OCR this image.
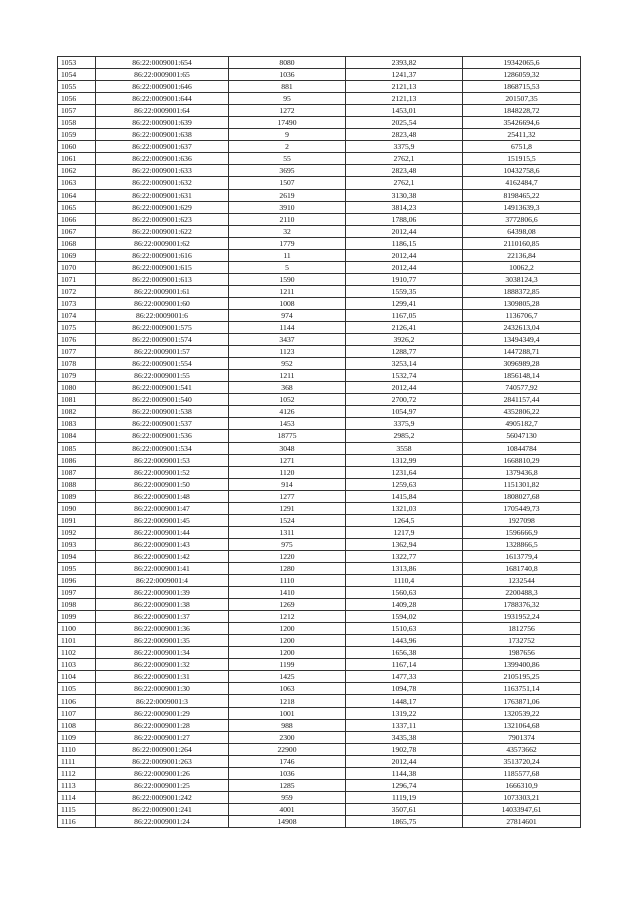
1053	86:22:0009001:654	8080	2393,82	19342065,6
1054	86:22:0009001:65	1036	1241,37	1286059,32
1055	86:22:0009001:646	881	2121,13	1868715,53
1056	86:22:0009001:644	95	2121,13	201507,35
1057	86:22:0009001:64	1272	1453,01	1848228,72
1058	86:22:0009001:639	17490	2025,54	35426694,6
1059	86:22:0009001:638	9	2823,48	25411,32
1060	86:22:0009001:637	2	3375,9	6751,8
1061	86:22:0009001:636	55	2762,1	151915,5
1062	86:22:0009001:633	3695	2823,48	10432758,6
1063	86:22:0009001:632	1507	2762,1	4162484,7
1064	86:22:0009001:631	2619	3130,38	8198465,22
1065	86:22:0009001:629	3910	3814,23	14913639,3
1066	86:22:0009001:623	2110	1788,06	3772806,6
1067	86:22:0009001:622	32	2012,44	64398,08
1068	86:22:0009001:62	1779	1186,15	2110160,85
1069	86:22:0009001:616	11	2012,44	22136,84
1070	86:22:0009001:615	5	2012,44	10062,2
1071	86:22:0009001:613	1590	1910,77	3038124,3
1072	86:22:0009001:61	1211	1559,35	1888372,85
1073	86:22:0009001:60	1008	1299,41	1309805,28
1074	86:22:0009001:6	974	1167,05	1136706,7
1075	86:22:0009001:575	1144	2126,41	2432613,04
1076	86:22:0009001:574	3437	3926,2	13494349,4
1077	86:22:0009001:57	1123	1288,77	1447288,71
1078	86:22:0009001:554	952	3253,14	3096989,28
1079	86:22:0009001:55	1211	1532,74	1856148,14
1080	86:22:0009001:541	368	2012,44	740577,92
1081	86:22:0009001:540	1052	2700,72	2841157,44
1082	86:22:0009001:538	4126	1054,97	4352806,22
1083	86:22:0009001:537	1453	3375,9	4905182,7
1084	86:22:0009001:536	18775	2985,2	56047130
1085	86:22:0009001:534	3048	3558	10844784
1086	86:22:0009001:53	1271	1312,99	1668810,29
1087	86:22:0009001:52	1120	1231,64	1379436,8
1088	86:22:0009001:50	914	1259,63	1151301,82
1089	86:22:0009001:48	1277	1415,84	1808027,68
1090	86:22:0009001:47	1291	1321,03	1705449,73
1091	86:22:0009001:45	1524	1264,5	1927098
1092	86:22:0009001:44	1311	1217,9	1596666,9
1093	86:22:0009001:43	975	1362,94	1328866,5
1094	86:22:0009001:42	1220	1322,77	1613779,4
1095	86:22:0009001:41	1280	1313,86	1681740,8
1096	86:22:0009001:4	1110	1110,4	1232544
1097	86:22:0009001:39	1410	1560,63	2200488,3
1098	86:22:0009001:38	1269	1409,28	1788376,32
1099	86:22:0009001:37	1212	1594,02	1931952,24
1100	86:22:0009001:36	1200	1510,63	1812756
1101	86:22:0009001:35	1200	1443,96	1732752
1102	86:22:0009001:34	1200	1656,38	1987656
1103	86:22:0009001:32	1199	1167,14	1399400,86
1104	86:22:0009001:31	1425	1477,33	2105195,25
1105	86:22:0009001:30	1063	1094,78	1163751,14
1106	86:22:0009001:3	1218	1448,17	1763871,06
1107	86:22:0009001:29	1001	1319,22	1320539,22
1108	86:22:0009001:28	988	1337,11	1321064,68
1109	86:22:0009001:27	2300	3435,38	7901374
1110	86:22:0009001:264	22900	1902,78	43573662
1111	86:22:0009001:263	1746	2012,44	3513720,24
1112	86:22:0009001:26	1036	1144,38	1185577,68
1113	86:22:0009001:25	1285	1296,74	1666310,9
1114	86:22:0009001:242	959	1119,19	1073303,21
1115	86:22:0009001:241	4001	3507,61	14033947,61
1116	86:22:0009001:24	14908	1865,75	27814601
